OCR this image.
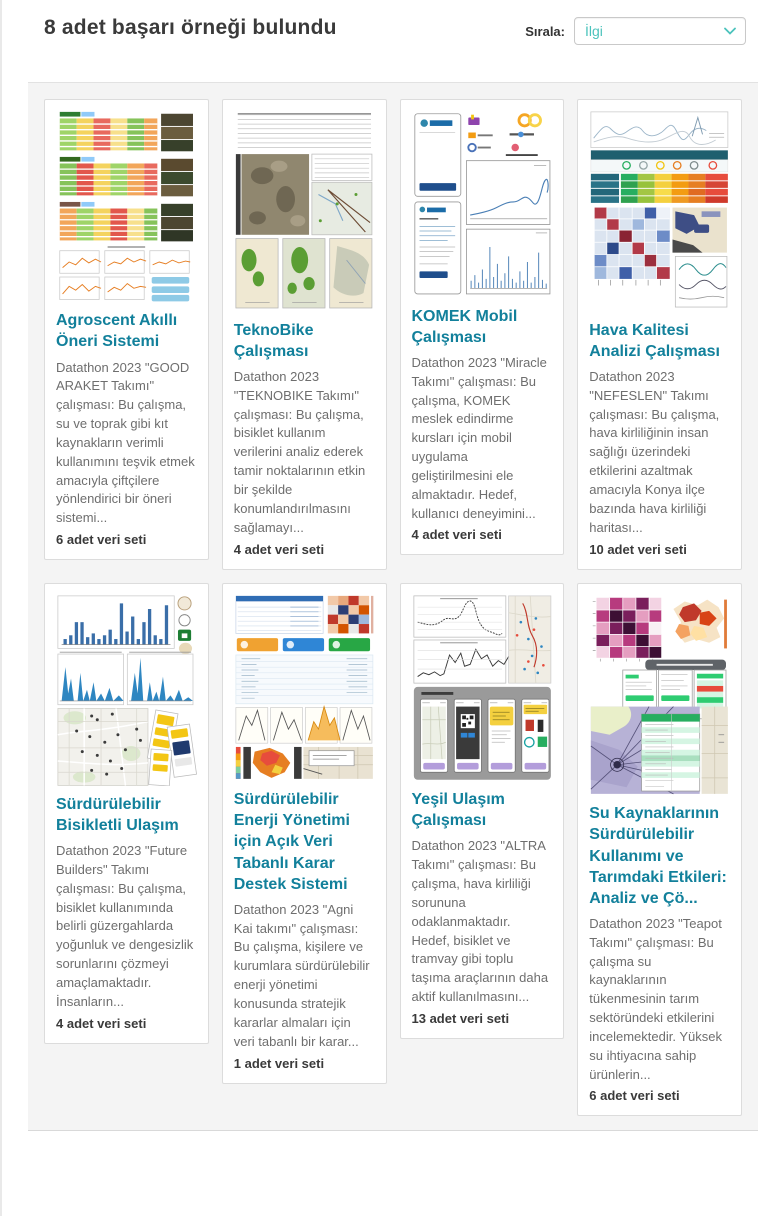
8 adet başarı örneği bulundu	Sırala: İlgi
Agroscent Akıllı Öneri Sistemi

Datathon 2023 "GOOD ARAKET Takımı" çalışması: Bu çalışma, su ve toprak gibi kıt kaynakların verimli kullanımını teşvik etmek amacıyla çiftçilere yönlendirici bir öneri sistemi...

6 adet veri seti
TeknoBike Çalışması

Datathon 2023 "TEKNOBIKE Takımı" çalışması: Bu çalışma, bisiklet kullanım verilerini analiz ederek tamir noktalarının etkin bir şekilde konumlandırılmasını sağlamayı...

4 adet veri seti
KOMEK Mobil Çalışması

Datathon 2023 "Miracle Takımı" çalışması: Bu çalışma, KOMEK meslek edindirme kursları için mobil uygulama geliştirilmesini ele almaktadır. Hedef, kullanıcı deneyimini...

4 adet veri seti
Hava Kalitesi Analizi Çalışması

Datathon 2023 "NEFESLEN" Takımı çalışması: Bu çalışma, hava kirliliğinin insan sağlığı üzerindeki etkilerini azaltmak amacıyla Konya ilçe bazında hava kirliliği haritası...

10 adet veri seti
Sürdürülebilir Bisikletli Ulaşım

Datathon 2023 "Future Builders" Takımı çalışması: Bu çalışma, bisiklet kullanımında belirli güzergahlarda yoğunluk ve dengesizlik sorunlarını çözmeyi amaçlamaktadır. İnsanların...

4 adet veri seti
Sürdürülebilir Enerji Yönetimi için Açık Veri Tabanlı Karar Destek Sistemi

Datathon 2023 "Agni Kai takımı" çalışması: Bu çalışma, kişilere ve kurumlara sürdürülebilir enerji yönetimi konusunda stratejik kararlar almaları için veri tabanlı bir karar...

1 adet veri seti
Yeşil Ulaşım Çalışması

Datathon 2023 "ALTRA Takımı" çalışması: Bu çalışma, hava kirliliği sorununa odaklanmaktadır. Hedef, bisiklet ve tramvay gibi toplu taşıma araçlarının daha aktif kullanılmasını...

13 adet veri seti
Su Kaynaklarının Sürdürülebilir Kullanımı ve Tarımdaki Etkileri: Analiz ve Çö...

Datathon 2023 "Teapot Takımı" çalışması: Bu çalışma su kaynaklarının tükenmesinin tarım sektöründeki etkilerini incelemektedir. Yüksek su ihtiyacına sahip ürünlerin...

6 adet veri seti
